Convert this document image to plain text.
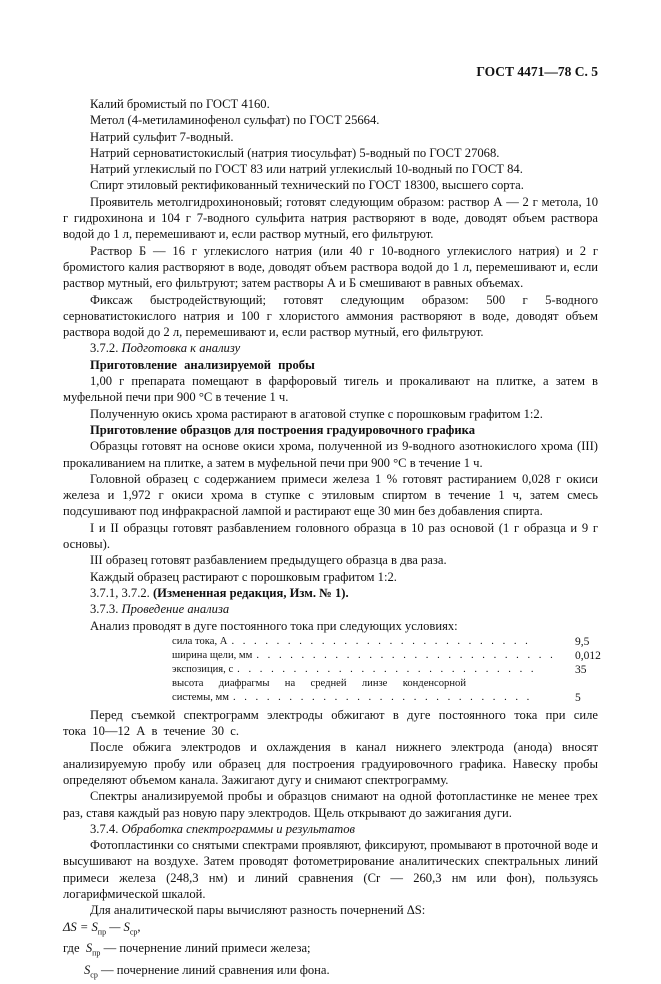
ГОСТ 4471—78 С. 5

Калий бромистый по ГОСТ 4160.

Метол (4-метиламинофенол сульфат) по ГОСТ 25664.

Натрий сульфит 7-водный.

Натрий серноватистокислый (натрия тиосульфат) 5-водный по ГОСТ 27068.

Натрий углекислый по ГОСТ 83 или натрий углекислый 10-водный по ГОСТ 84.

Спирт этиловый ректификованный технический по ГОСТ 18300, высшего сорта.

Проявитель метолгидрохиноновый; готовят следующим образом: раствор А — 2 г метола, 10 г гидрохинона и 104 г 7-водного сульфита натрия растворяют в воде, доводят объем раствора водой до 1 л, перемешивают и, если раствор мутный, его фильтруют.

Раствор Б — 16 г углекислого натрия (или 40 г 10-водного углекислого натрия) и 2 г бромистого калия растворяют в воде, доводят объем раствора водой до 1 л, перемешивают и, если раствор мутный, его фильтруют; затем растворы А и Б смешивают в равных объемах.

Фиксаж быстродействующий; готовят следующим образом: 500 г 5-водного серноватистокислого натрия и 100 г хлористого аммония растворяют в воде, доводят объем раствора водой до 2 л, перемешивают и, если раствор мутный, его фильтруют.

3.7.2. Подготовка к анализу

Приготовление анализируемой пробы

1,00 г препарата помещают в фарфоровый тигель и прокаливают на плитке, а затем в муфельной печи при 900 °С в течение 1 ч.

Полученную окись хрома растирают в агатовой ступке с порошковым графитом 1:2.

Приготовление образцов для построения градуировочного графика

Образцы готовят на основе окиси хрома, полученной из 9-водного азотнокислого хрома (III) прокаливанием на плитке, а затем в муфельной печи при 900 °С в течение 1 ч.

Головной образец с содержанием примеси железа 1 % готовят растиранием 0,028 г окиси железа и 1,972 г окиси хрома в ступке с этиловым спиртом в течение 1 ч, затем смесь подсушивают под инфракрасной лампой и растирают еще 30 мин без добавления спирта.

I и II образцы готовят разбавлением головного образца в 10 раз основой (1 г образца и 9 г основы).

III образец готовят разбавлением предыдущего образца в два раза.

Каждый образец растирают с порошковым графитом 1:2.

3.7.1, 3.7.2. (Измененная редакция, Изм. № 1).

3.7.3. Проведение анализа

Анализ проводят в дуге постоянного тока при следующих условиях:

сила тока, А . . . . . . . . . . . . . . . . . . . . . . . . . . .	9,5
ширина щели, мм . . . . . . . . . . . . . . . . . . . . . . . . . . . 0,012
экспозиция, с . . . . . . . . . . . . . . . . . . . . . . . . . . .	35
высота диафрагмы на средней линзе конденсорной
системы, мм . . . . . . . . . . . . . . . . . . . . . . . . . . .	5

Перед съемкой спектрограмм электроды обжигают в дуге постоянного тока при силе тока 10—12 А в течение 30 с.

После обжига электродов и охлаждения в канал нижнего электрода (анода) вносят анализируемую пробу или образец для построения градуировочного графика. Навеску пробы определяют объемом канала. Зажигают дугу и снимают спектрограмму.

Спектры анализируемой пробы и образцов снимают на одной фотопластинке не менее трех раз, ставя каждый раз новую пару электродов. Щель открывают до зажигания дуги.

3.7.4. Обработка спектрограммы и результатов

Фотопластинки со снятыми спектрами проявляют, фиксируют, промывают в проточной воде и высушивают на воздухе. Затем проводят фотометрирование аналитических спектральных линий примеси железа (248,3 нм) и линий сравнения (Cr — 260,3 нм или фон), пользуясь логарифмической шкалой.

Для аналитической пары вычисляют разность почернений ΔS:

$\Delta S = S_{пр}$ — $S_{ср}$,

где $S_{пр}$ — почернение линий примеси железа;

$S_{ср}$ — почернение линий сравнения или фона.
